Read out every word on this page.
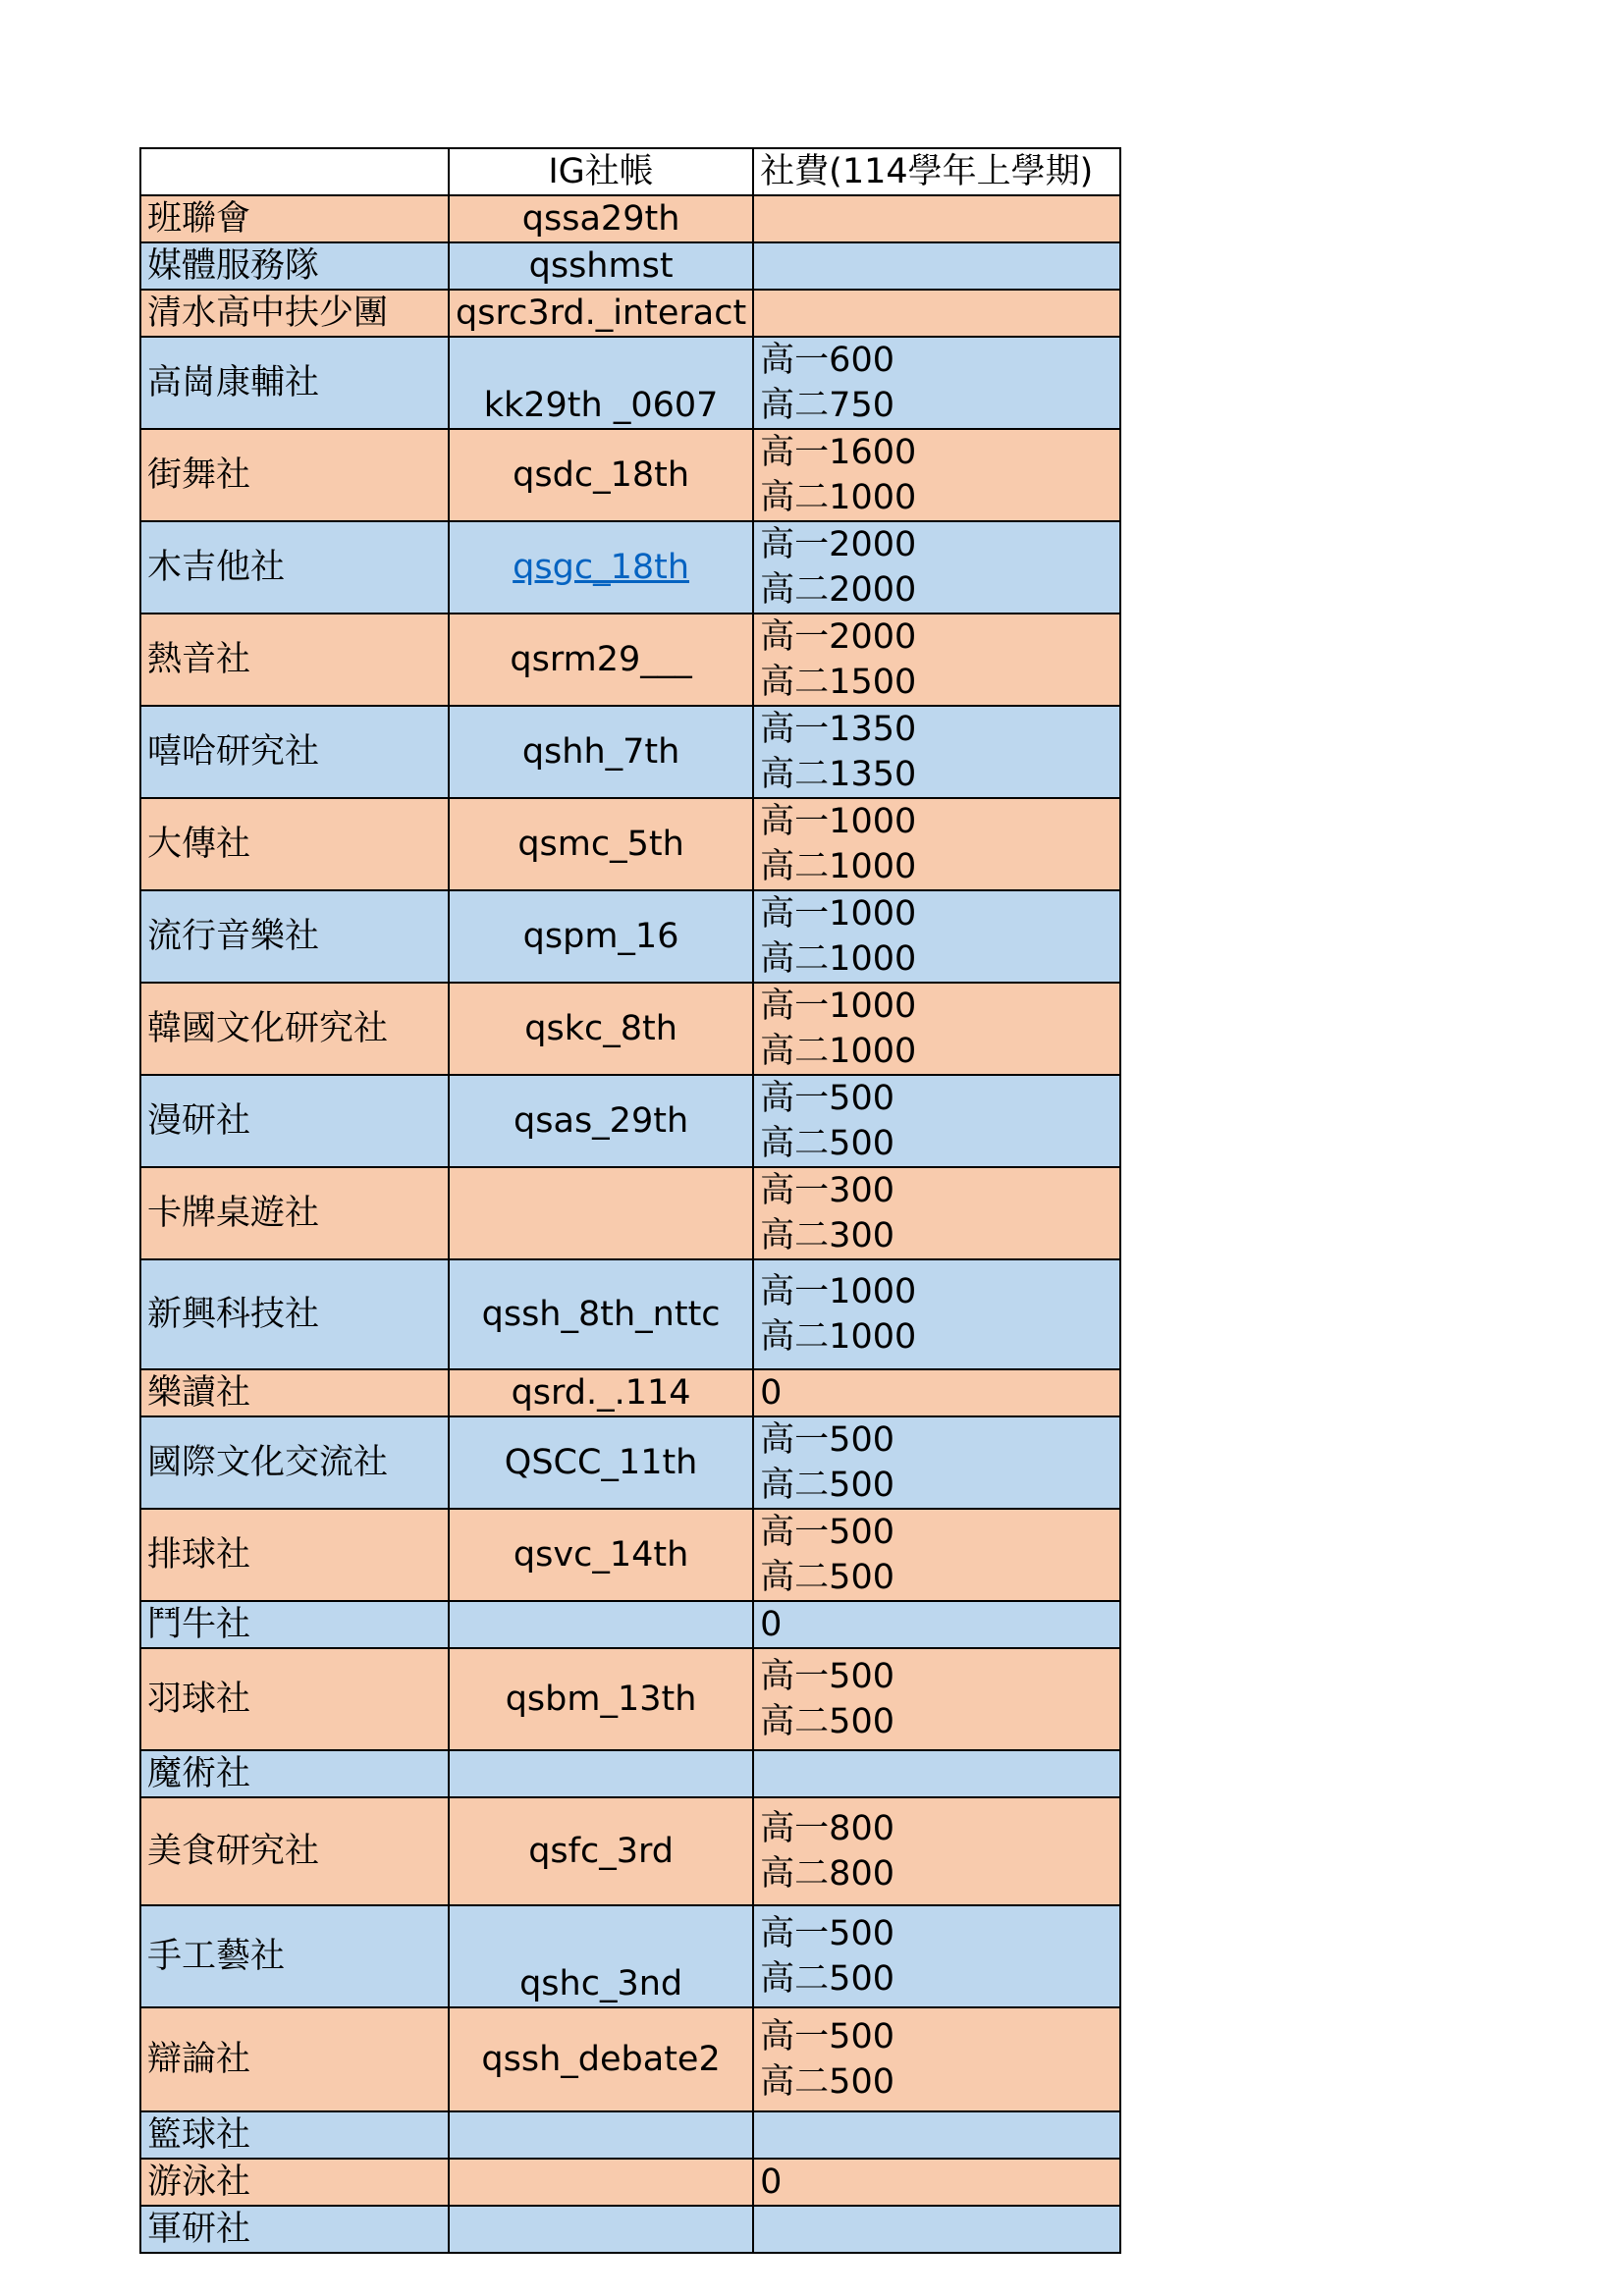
	IG社帳	社費(114學年上學期)
班聯會	qssa29th	
媒體服務隊	qsshmst	
清水高中扶少團	qsrc3rd._interact	
高崗康輔社	kk29th _0607	高一600
高二750

街舞社	qsdc_18th	高一1600
高二1000

木吉他社	qsgc_18th	高一2000
高二2000

熱音社	qsrm29___	高一2000
高二1500

嘻哈研究社	qshh_7th	高一1350
高二1350

大傳社	qsmc_5th	高一1000
高二1000

流行音樂社	qspm_16	高一1000
高二1000

韓國文化研究社	qskc_8th	高一1000
高二1000

漫研社	qsas_29th	高一500
高二500

卡牌桌遊社		高一300
高二300

新興科技社	qssh_8th_nttc	高一1000
高二1000

樂讀社	qsrd._.114	0

國際文化交流社	QSCC_11th	高一500
高二500

排球社	qsvc_14th	高一500
高二500

鬥牛社		0

羽球社	qsbm_13th	高一500
高二500

魔術社		
美食研究社	qsfc_3rd	高一800
高二800

手工藝社	qshc_3nd	高一500
高二500

辯論社	qssh_debate2	高一500
高二500

籃球社		
游泳社		0

軍研社		
